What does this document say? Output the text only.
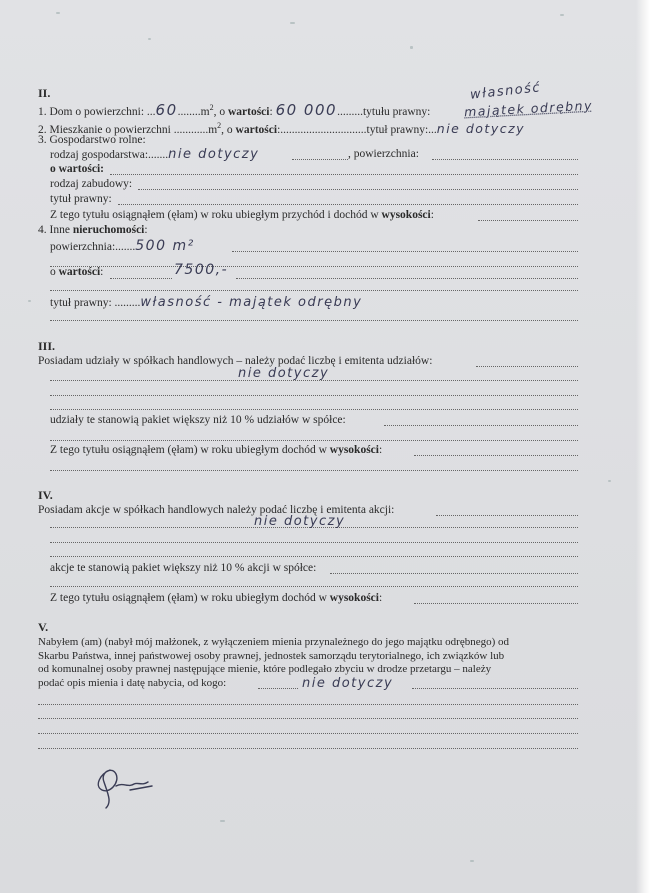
II.	własność
1. Dom o powierzchni: $...60........m^2$, o wartości: 60 000.........tytułu prawny:	majątek odrębny
2. Mieszkanie o powierzchni $............m^2$, o wartości:..............................tytuł prawny:...nie dotyczy
3. Gospodarstwo rolne:
rodzaj gospodarstwa:.......nie dotyczy	, powierzchnia:
o wartości:
rodzaj zabudowy:
tytuł prawny:
Z tego tytułu osiągnąłem (ęłam) w roku ubiegłym przychód i dochód w wysokości:
4. Inne nieruchomości:
powierzchnia:.......500 m²
o wartości:	7500,-
tytuł prawny: .........własność - majątek odrębny
III.
Posiadam udziały w spółkach handlowych – należy podać liczbę i emitenta udziałów:
nie dotyczy
udziały te stanowią pakiet większy niż 10 % udziałów w spółce:
Z tego tytułu osiągnąłem (ęłam) w roku ubiegłym dochód w wysokości:
IV.
Posiadam akcje w spółkach handlowych należy podać liczbę i emitenta akcji:
nie dotyczy
akcje te stanowią pakiet większy niż 10 % akcji w spółce:
Z tego tytułu osiągnąłem (ęłam) w roku ubiegłym dochód w wysokości:
V.
Nabyłem (am) (nabył mój małżonek, z wyłączeniem mienia przynależnego do jego majątku odrębnego) od
Skarbu Państwa, innej państwowej osoby prawnej, jednostek samorządu terytorialnego, ich związków lub
od komunalnej osoby prawnej następujące mienie, które podlegało zbyciu w drodze przetargu – należy
podać opis mienia i datę nabycia, od kogo:	nie dotyczy
